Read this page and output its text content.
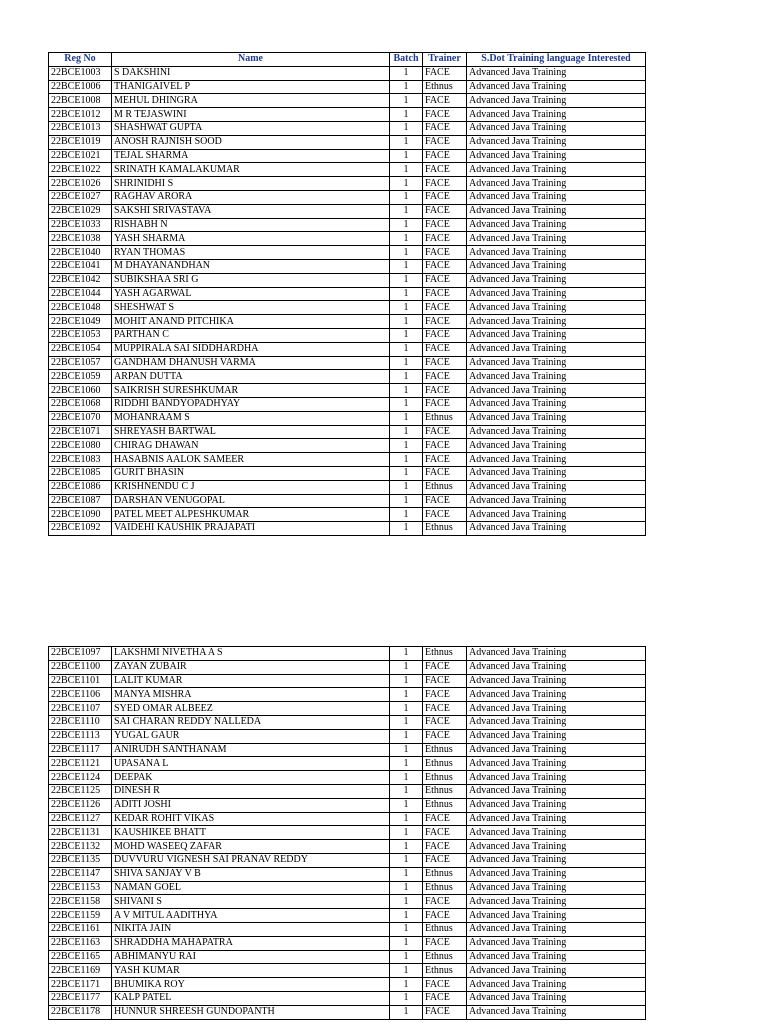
Reg No	Name	Batch	Trainer	S.Dot Training language Interested
22BCE1003	S DAKSHINI	1	FACE	Advanced Java Training
22BCE1006	THANIGAIVEL P	1	Ethnus	Advanced Java Training
22BCE1008	MEHUL DHINGRA	1	FACE	Advanced Java Training
22BCE1012	M R TEJASWINI	1	FACE	Advanced Java Training
22BCE1013	SHASHWAT GUPTA	1	FACE	Advanced Java Training
22BCE1019	ANOSH RAJNISH SOOD	1	FACE	Advanced Java Training
22BCE1021	TEJAL SHARMA	1	FACE	Advanced Java Training
22BCE1022	SRINATH KAMALAKUMAR	1	FACE	Advanced Java Training
22BCE1026	SHRINIDHI S	1	FACE	Advanced Java Training
22BCE1027	RAGHAV ARORA	1	FACE	Advanced Java Training
22BCE1029	SAKSHI SRIVASTAVA	1	FACE	Advanced Java Training
22BCE1033	RISHABH N	1	FACE	Advanced Java Training
22BCE1038	YASH SHARMA	1	FACE	Advanced Java Training
22BCE1040	RYAN THOMAS	1	FACE	Advanced Java Training
22BCE1041	M DHAYANANDHAN	1	FACE	Advanced Java Training
22BCE1042	SUBIKSHAA SRI G	1	FACE	Advanced Java Training
22BCE1044	YASH AGARWAL	1	FACE	Advanced Java Training
22BCE1048	SHESHWAT S	1	FACE	Advanced Java Training
22BCE1049	MOHIT ANAND PITCHIKA	1	FACE	Advanced Java Training
22BCE1053	PARTHAN C	1	FACE	Advanced Java Training
22BCE1054	MUPPIRALA SAI SIDDHARDHA	1	FACE	Advanced Java Training
22BCE1057	GANDHAM DHANUSH VARMA	1	FACE	Advanced Java Training
22BCE1059	ARPAN DUTTA	1	FACE	Advanced Java Training
22BCE1060	SAIKRISH SURESHKUMAR	1	FACE	Advanced Java Training
22BCE1068	RIDDHI BANDYOPADHYAY	1	FACE	Advanced Java Training
22BCE1070	MOHANRAAM S	1	Ethnus	Advanced Java Training
22BCE1071	SHREYASH BARTWAL	1	FACE	Advanced Java Training
22BCE1080	CHIRAG DHAWAN	1	FACE	Advanced Java Training
22BCE1083	HASABNIS AALOK SAMEER	1	FACE	Advanced Java Training
22BCE1085	GURIT BHASIN	1	FACE	Advanced Java Training
22BCE1086	KRISHNENDU C J	1	Ethnus	Advanced Java Training
22BCE1087	DARSHAN VENUGOPAL	1	FACE	Advanced Java Training
22BCE1090	PATEL MEET ALPESHKUMAR	1	FACE	Advanced Java Training
22BCE1092	VAIDEHI KAUSHIK PRAJAPATI	1	Ethnus	Advanced Java Training
22BCE1097	LAKSHMI NIVETHA A S	1	Ethnus	Advanced Java Training
22BCE1100	ZAYAN ZUBAIR	1	FACE	Advanced Java Training
22BCE1101	LALIT KUMAR	1	FACE	Advanced Java Training
22BCE1106	MANYA MISHRA	1	FACE	Advanced Java Training
22BCE1107	SYED OMAR ALBEEZ	1	FACE	Advanced Java Training
22BCE1110	SAI CHARAN REDDY NALLEDA	1	FACE	Advanced Java Training
22BCE1113	YUGAL GAUR	1	FACE	Advanced Java Training
22BCE1117	ANIRUDH SANTHANAM	1	Ethnus	Advanced Java Training
22BCE1121	UPASANA L	1	Ethnus	Advanced Java Training
22BCE1124	DEEPAK	1	Ethnus	Advanced Java Training
22BCE1125	DINESH R	1	Ethnus	Advanced Java Training
22BCE1126	ADITI JOSHI	1	Ethnus	Advanced Java Training
22BCE1127	KEDAR ROHIT VIKAS	1	FACE	Advanced Java Training
22BCE1131	KAUSHIKEE BHATT	1	FACE	Advanced Java Training
22BCE1132	MOHD WASEEQ ZAFAR	1	FACE	Advanced Java Training
22BCE1135	DUVVURU VIGNESH SAI PRANAV REDDY	1	FACE	Advanced Java Training
22BCE1147	SHIVA SANJAY V B	1	Ethnus	Advanced Java Training
22BCE1153	NAMAN GOEL	1	Ethnus	Advanced Java Training
22BCE1158	SHIVANI S	1	FACE	Advanced Java Training
22BCE1159	A V MITUL AADITHYA	1	FACE	Advanced Java Training
22BCE1161	NIKITA JAIN	1	Ethnus	Advanced Java Training
22BCE1163	SHRADDHA MAHAPATRA	1	FACE	Advanced Java Training
22BCE1165	ABHIMANYU RAI	1	Ethnus	Advanced Java Training
22BCE1169	YASH KUMAR	1	Ethnus	Advanced Java Training
22BCE1171	BHUMIKA ROY	1	FACE	Advanced Java Training
22BCE1177	KALP PATEL	1	FACE	Advanced Java Training
22BCE1178	HUNNUR SHREESH GUNDOPANTH	1	FACE	Advanced Java Training
